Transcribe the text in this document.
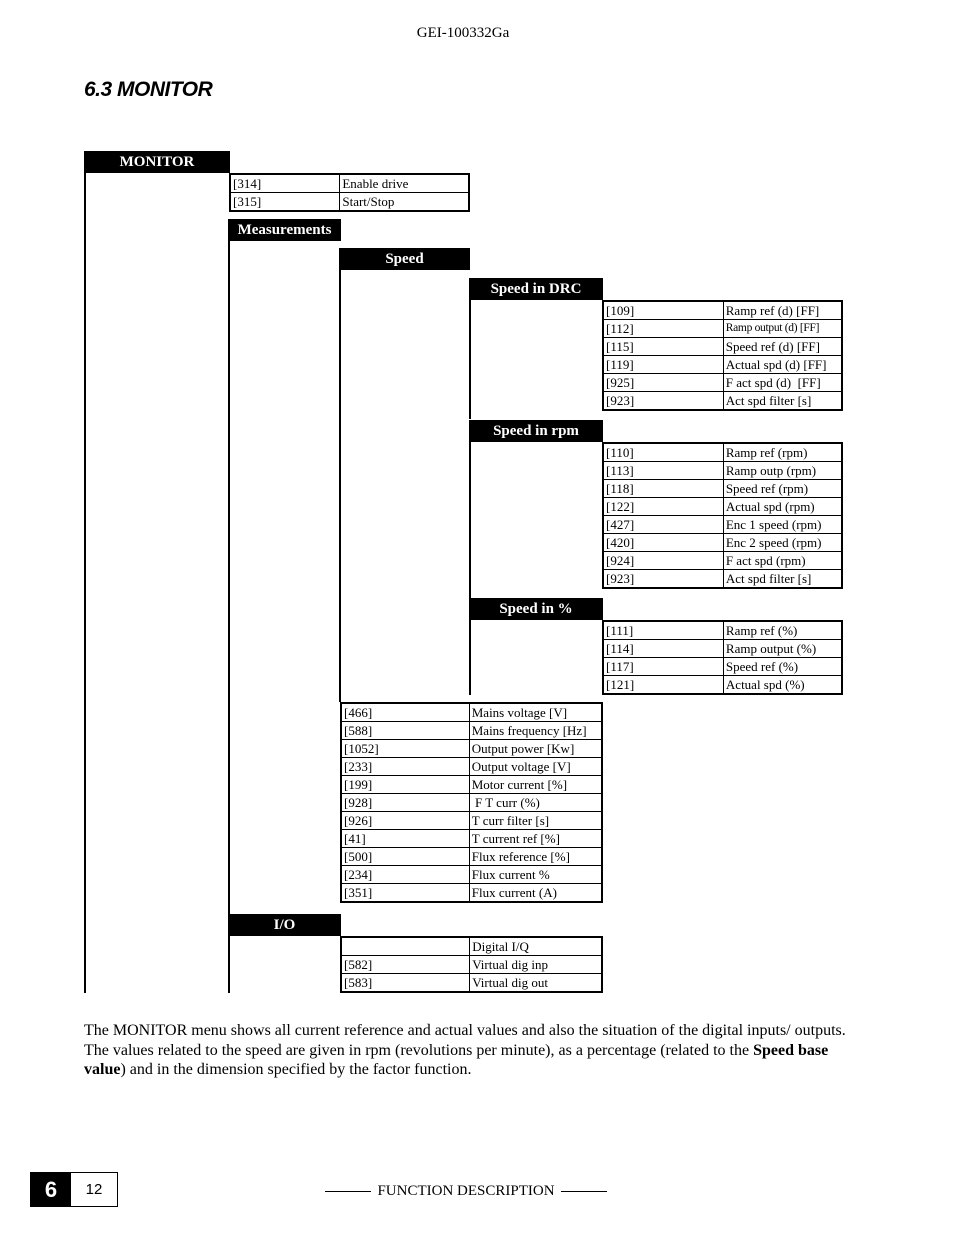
GEI-100332Ga
6.3 MONITOR
MONITOR
Measurements
Speed
Speed in DRC
Speed in rpm
Speed in %
I/O
[314]	Enable drive
[315]	Start/Stop
[109]	Ramp ref (d) [FF]
[112]	Ramp output (d) [FF]
[115]	Speed ref (d) [FF]
[119]	Actual spd (d) [FF]
[925]	F act spd (d)  [FF]
[923]	Act spd filter [s]
[110]	Ramp ref (rpm)
[113]	Ramp outp (rpm)
[118]	Speed ref (rpm)
[122]	Actual spd (rpm)
[427]	Enc 1 speed (rpm)
[420]	Enc 2 speed (rpm)
[924]	F act spd (rpm)
[923]	Act spd filter [s]
[111]	Ramp ref (%)
[114]	Ramp output (%)
[117]	Speed ref (%)
[121]	Actual spd (%)
[466]	Mains voltage [V]
[588]	Mains frequency [Hz]
[1052]	Output power [Kw]
[233]	Output voltage [V]
[199]	Motor current [%]
[928]	F T curr (%)
[926]	T curr filter [s]
[41]	T current ref [%]
[500]	Flux reference [%]
[234]	Flux current %
[351]	Flux current (A)
	Digital I/Q
[582]	Virtual dig inp
[583]	Virtual dig out
The MONITOR menu shows all current reference and actual values and also the situation of the digital inputs/ outputs. The values related to the speed are given in rpm (revolutions per minute), as a percentage (related to the Speed base value) and in the dimension specified by the factor function.
6	12	FUNCTION DESCRIPTION
